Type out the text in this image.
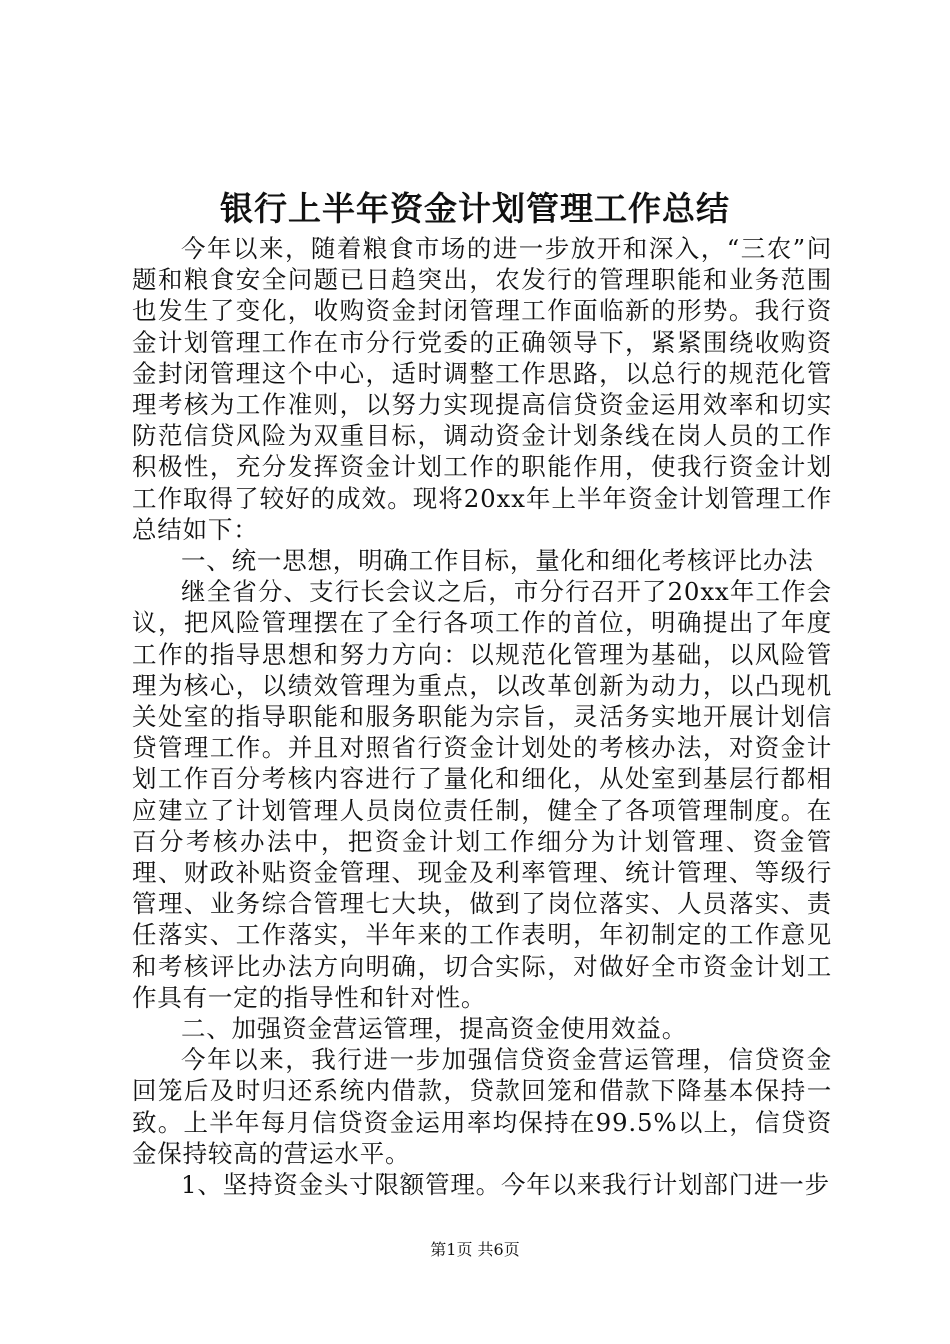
银行上半年资金计划管理工作总结

今年以来，随着粮食市场的进一步放开和深入，“三农”问题和粮食安全问题已日趋突出，农发行的管理职能和业务范围也发生了变化，收购资金封闭管理工作面临新的形势。我行资金计划管理工作在市分行党委的正确领导下，紧紧围绕收购资金封闭管理这个中心，适时调整工作思路，以总行的规范化管理考核为工作准则，以努力实现提高信贷资金运用效率和切实防范信贷风险为双重目标，调动资金计划条线在岗人员的工作积极性，充分发挥资金计划工作的职能作用，使我行资金计划工作取得了较好的成效。现将20xx年上半年资金计划管理工作总结如下：

一、统一思想，明确工作目标，量化和细化考核评比办法

继全省分、支行长会议之后，市分行召开了20xx年工作会议，把风险管理摆在了全行各项工作的首位，明确提出了年度工作的指导思想和努力方向：以规范化管理为基础，以风险管理为核心，以绩效管理为重点，以改革创新为动力，以凸现机关处室的指导职能和服务职能为宗旨，灵活务实地开展计划信贷管理工作。并且对照省行资金计划处的考核办法，对资金计划工作百分考核内容进行了量化和细化，从处室到基层行都相应建立了计划管理人员岗位责任制，健全了各项管理制度。在百分考核办法中，把资金计划工作细分为计划管理、资金管理、财政补贴资金管理、现金及利率管理、统计管理、等级行管理、业务综合管理七大块，做到了岗位落实、人员落实、责任落实、工作落实，半年来的工作表明，年初制定的工作意见和考核评比办法方向明确，切合实际，对做好全市资金计划工作具有一定的指导性和针对性。

二、加强资金营运管理，提高资金使用效益。

今年以来，我行进一步加强信贷资金营运管理，信贷资金回笼后及时归还系统内借款，贷款回笼和借款下降基本保持一致。上半年每月信贷资金运用率均保持在99.5%以上，信贷资金保持较高的营运水平。

1、坚持资金头寸限额管理。今年以来我行计划部门进一步

第1页 共6页
